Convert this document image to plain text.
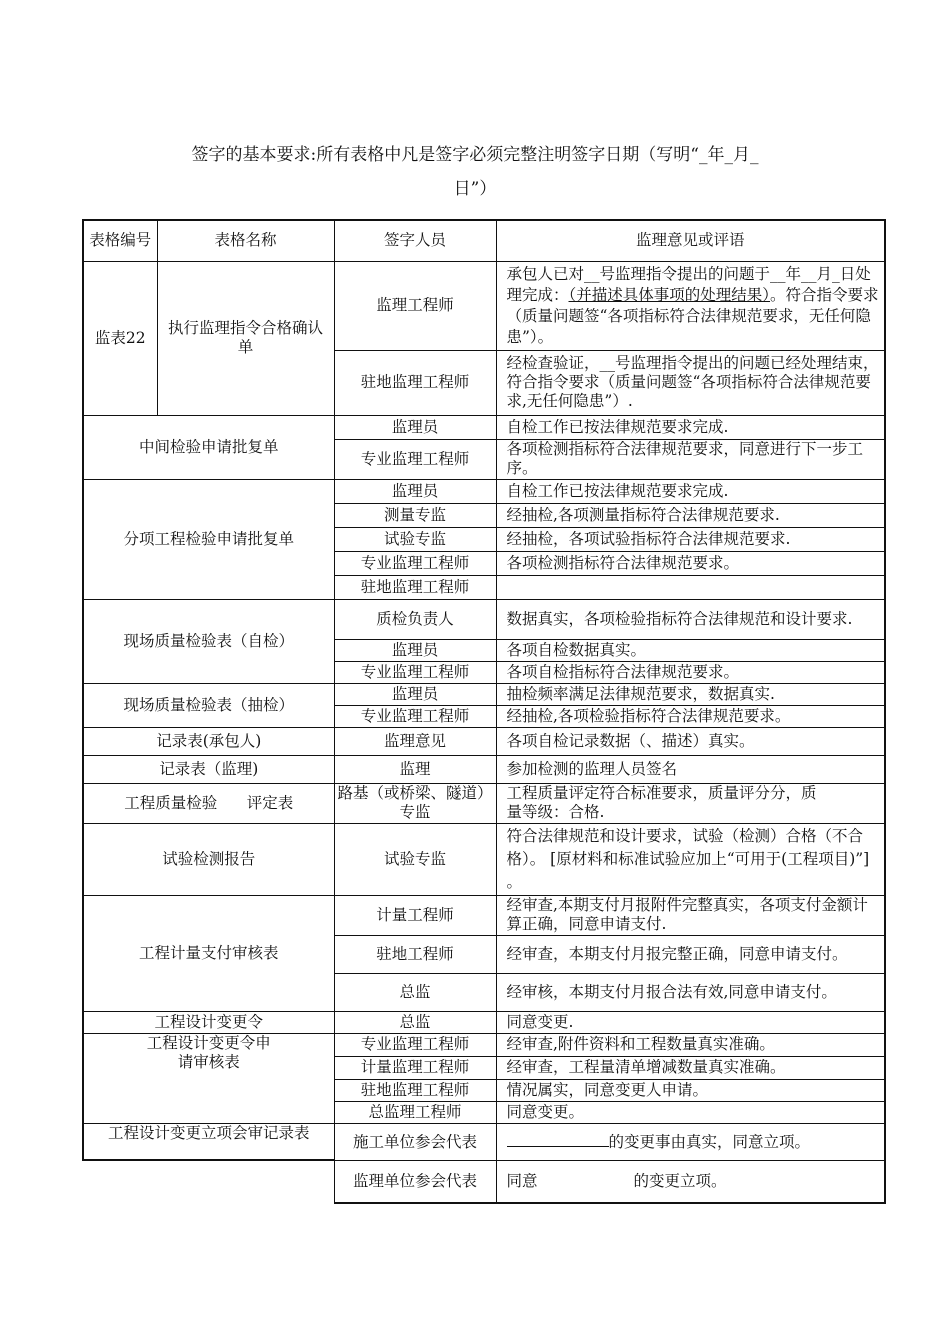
签字的基本要求:所有表格中凡是签字必须完整注明签字日期（写明“_年_月_
日”）
表格编号	表格名称	签字人员	监理意见或评语
监表22	执行监理指令合格确认单	监理工程师	承包人已对__号监理指令提出的问题于__年__月_日处理完成：（并描述具体事项的处理结果）。符合指令要求（质量问题签“各项指标符合法律规范要求，无任何隐患”）。
		驻地监理工程师	经检查验证，__号监理指令提出的问题已经处理结束，符合指令要求（质量问题签“各项指标符合法律规范要求,无任何隐患”）.
中间检验申请批复单		监理员	自检工作已按法律规范要求完成.
		专业监理工程师	各项检测指标符合法律规范要求，同意进行下一步工序。
分项工程检验申请批复单		监理员	自检工作已按法律规范要求完成.
		测量专监	经抽检,各项测量指标符合法律规范要求.
		试验专监	经抽检，各项试验指标符合法律规范要求.
		专业监理工程师	各项检测指标符合法律规范要求。
		驻地监理工程师	
现场质量检验表（自检）		质检负责人	数据真实，各项检验指标符合法律规范和设计要求.
		监理员	各项自检数据真实。
		专业监理工程师	各项自检指标符合法律规范要求。
现场质量检验表（抽检）		监理员	抽检频率满足法律规范要求，数据真实.
		专业监理工程师	经抽检,各项检验指标符合法律规范要求。
记录表(承包人)		监理意见	各项自检记录数据（、描述）真实。
记录表（监理)		监理	参加检测的监理人员签名
工程质量检验      评定表		路基（或桥梁、隧道）专监	工程质量评定符合标准要求，质量评分分，质量等级：合格.
试验检测报告		试验专监	符合法律规范和设计要求，试验（检测）合格（不合格）。 [原材料和标准试验应加上“可用于(工程项目)”] 。
工程计量支付审核表		计量工程师	经审查,本期支付月报附件完整真实，各项支付金额计算正确，同意申请支付.
		驻地工程师	经审查，本期支付月报完整正确，同意申请支付。
		总监	经审核，本期支付月报合法有效,同意申请支付。
工程设计变更令		总监	同意变更.
工程设计变更令申请审核表		专业监理工程师	经审查,附件资料和工程数量真实准确。
		计量监理工程师	经审查，工程量清单增减数量真实准确。
		驻地监理工程师	情况属实，同意变更人申请。
		总监理工程师	同意变更。
工程设计变更立项会审记录表		施工单位参会代表	的变更事由真实，同意立项。
		监理单位参会代表	同意 的变更立项。
